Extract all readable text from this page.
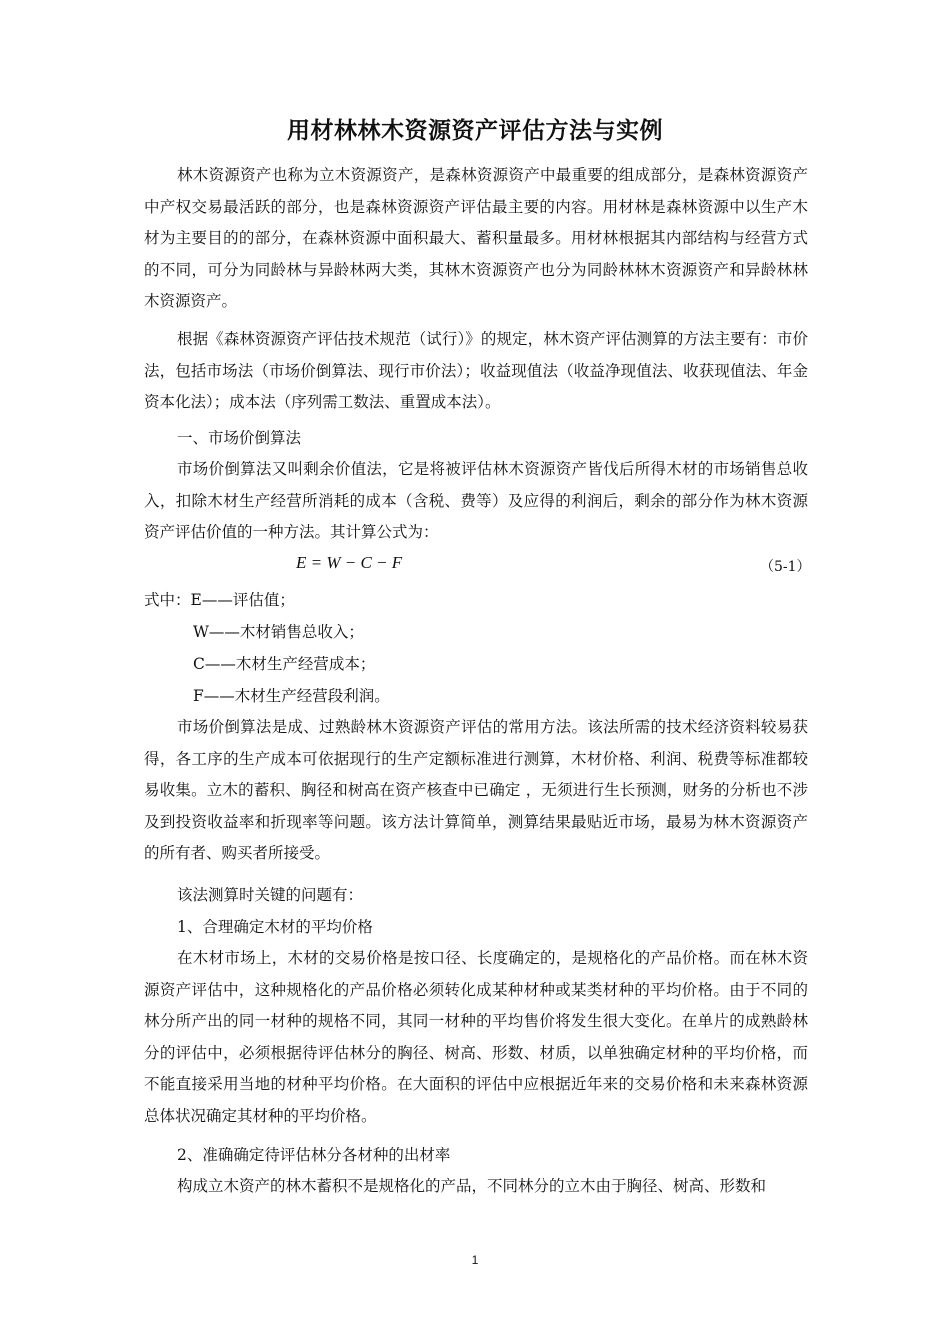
用材林林木资源资产评估方法与实例

林木资源资产也称为立木资源资产，是森林资源资产中最重要的组成部分，是森林资源资产中产权交易最活跃的部分，也是森林资源资产评估最主要的内容。用材林是森林资源中以生产木材为主要目的的部分，在森林资源中面积最大、蓄积量最多。用材林根据其内部结构与经营方式的不同，可分为同龄林与异龄林两大类，其林木资源资产也分为同龄林林木资源资产和异龄林林木资源资产。

根据《森林资源资产评估技术规范（试行）》的规定，林木资产评估测算的方法主要有：市价法，包括市场法（市场价倒算法、现行市价法）；收益现值法（收益净现值法、收获现值法、年金资本化法）；成本法（序列需工数法、重置成本法）。

一、市场价倒算法

市场价倒算法又叫剩余价值法，它是将被评估林木资源资产皆伐后所得木材的市场销售总收入，扣除木材生产经营所消耗的成本（含税、费等）及应得的利润后，剩余的部分作为林木资源资产评估价值的一种方法。其计算公式为：

E = W − C − F	（5-1）
式中：E——评估值；
W——木材销售总收入；
C——木材生产经营成本；
F——木材生产经营段利润。

市场价倒算法是成、过熟龄林木资源资产评估的常用方法。该法所需的技术经济资料较易获得，各工序的生产成本可依据现行的生产定额标准进行测算，木材价格、利润、税费等标准都较易收集。立木的蓄积、胸径和树高在资产核查中已确定 ，无须进行生长预测，财务的分析也不涉及到投资收益率和折现率等问题。该方法计算简单，测算结果最贴近市场，最易为林木资源资产的所有者、购买者所接受。

该法测算时关键的问题有：
1、合理确定木材的平均价格

在木材市场上，木材的交易价格是按口径、长度确定的，是规格化的产品价格。而在林木资源资产评估中，这种规格化的产品价格必须转化成某种材种或某类材种的平均价格。由于不同的林分所产出的同一材种的规格不同，其同一材种的平均售价将发生很大变化。在单片的成熟龄林分的评估中，必须根据待评估林分的胸径、树高、形数、材质，以单独确定材种的平均价格，而不能直接采用当地的材种平均价格。在大面积的评估中应根据近年来的交易价格和未来森林资源总体状况确定其材种的平均价格。

2、准确确定待评估林分各材种的出材率

构成立木资产的林木蓄积不是规格化的产品，不同林分的立木由于胸径、树高、形数和

1
